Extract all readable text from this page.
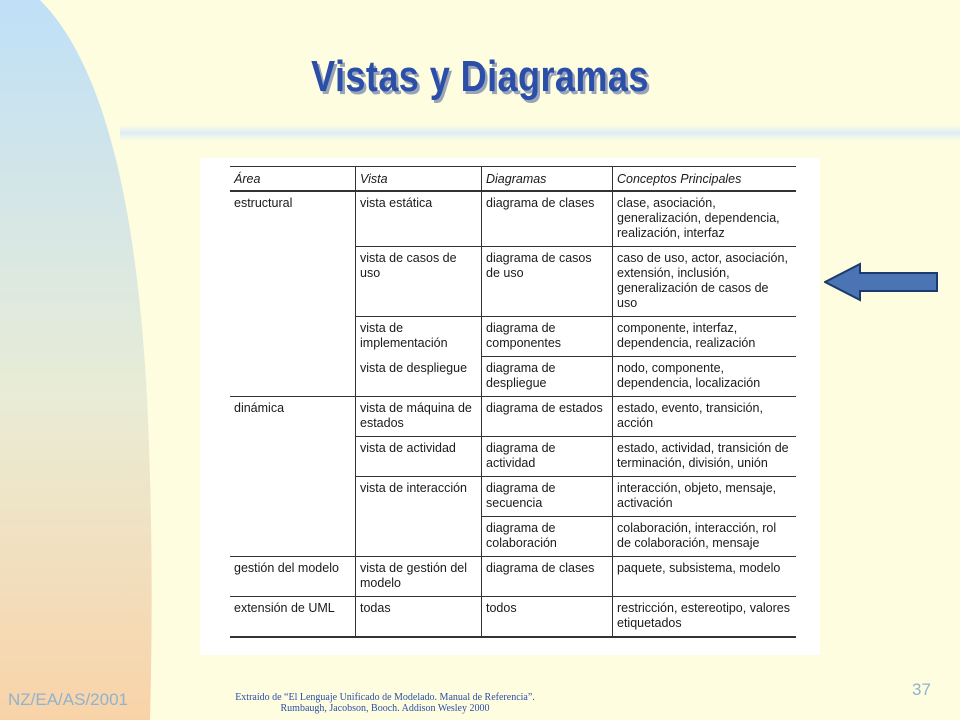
Vistas y Diagramas
Área	Vista	Diagramas	Conceptos Principales
estructural	vista estática	diagrama de clases	clase, asociación, generalización, dependencia, realización, interfaz
	vista de casos de uso	diagrama de casos de uso	caso de uso, actor, asociación, extensión, inclusión, generalización de casos de uso
	vista de implementación	diagrama de componentes	componente, interfaz, dependencia, realización
	vista de despliegue	diagrama de despliegue	nodo, componente, dependencia, localización
dinámica	vista de máquina de estados	diagrama de estados	estado, evento, transición, acción
	vista de actividad	diagrama de actividad	estado, actividad, transición de terminación, división, unión
	vista de interacción	diagrama de secuencia	interacción, objeto, mensaje, activación
		diagrama de colaboración	colaboración, interacción, rol de colaboración, mensaje
gestión del modelo	vista de gestión del modelo	diagrama de clases	paquete, subsistema, modelo
extensión de UML	todas	todos	restricción, estereotipo, valores etiquetados
NZ/EA/AS/2001
37
Extraído de “El Lenguaje Unificado de Modelado. Manual de Referencia”.
Rumbaugh, Jacobson, Booch. Addison Wesley 2000
